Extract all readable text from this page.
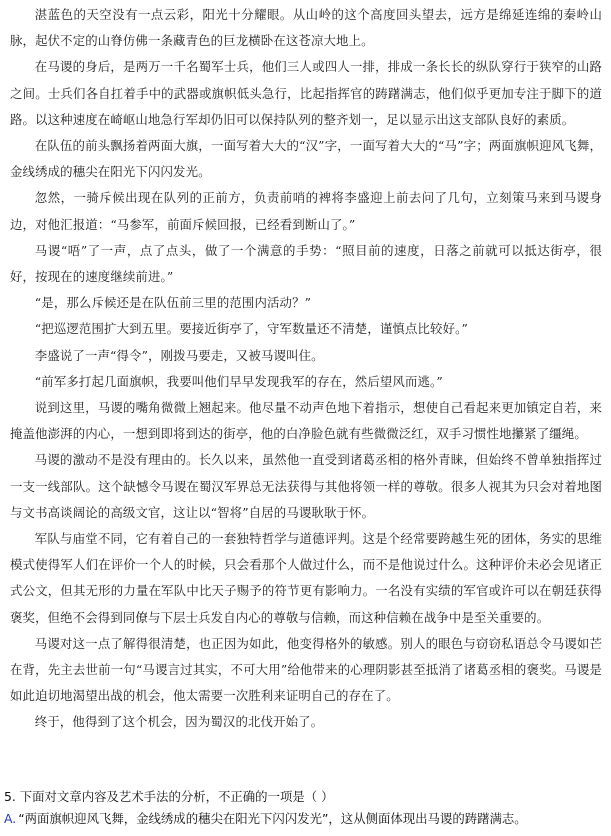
湛蓝色的天空没有一点云彩，阳光十分耀眼。从山岭的这个高度回头望去，远方是绵延连绵的秦岭山脉，起伏不定的山脊仿佛一条藏青色的巨龙横卧在这苍凉大地上。

在马谡的身后，是两万一千名蜀军士兵，他们三人或四人一排，排成一条长长的纵队穿行于狭窄的山路之间。士兵们各自扛着手中的武器或旗帜低头急行，比起指挥官的踌躇满志，他们似乎更加专注于脚下的道路。以这种速度在崎岖山地急行军却仍旧可以保持队列的整齐划一，足以显示出这支部队良好的素质。

在队伍的前头飘扬着两面大旗，一面写着大大的“汉”字，一面写着大大的“马”字；两面旗帜迎风飞舞，金线绣成的穗尖在阳光下闪闪发光。

忽然，一骑斥候出现在队列的正前方，负责前哨的裨将李盛迎上前去问了几句，立刻策马来到马谡身边，对他汇报道：“马参军，前面斥候回报，已经看到断山了。”

马谡“唔”了一声，点了点头，做了一个满意的手势：“照目前的速度，日落之前就可以抵达街亭，很好，按现在的速度继续前进。”

“是，那么斥候还是在队伍前三里的范围内活动？”

“把巡逻范围扩大到五里。要接近街亭了，守军数量还不清楚，谨慎点比较好。”

李盛说了一声“得令”，刚拨马要走，又被马谡叫住。

“前军多打起几面旗帜，我要叫他们早早发现我军的存在，然后望风而逃。”

说到这里，马谡的嘴角微微上翘起来。他尽量不动声色地下着指示，想使自己看起来更加镇定自若，来掩盖他澎湃的内心，一想到即将到达的街亭，他的白净脸色就有些微微泛红，双手习惯性地攥紧了缰绳。

马谡的激动不是没有理由的。长久以来，虽然他一直受到诸葛丞相的格外青睐，但始终不曾单独指挥过一支一线部队。这个缺憾令马谡在蜀汉军界总无法获得与其他将领一样的尊敬。很多人视其为只会对着地图与文书高谈阔论的高级文官，这让以“智将”自居的马谡耿耿于怀。

军队与庙堂不同，它有着自己的一套独特哲学与道德评判。这是个经常要跨越生死的团体，务实的思维模式使得军人们在评价一个人的时候，只会看那个人做过什么，而不是他说过什么。这种评价未必会见诸正式公文，但其无形的力量在军队中比天子赐予的符节更有影响力。一名没有实绩的军官或许可以在朝廷获得褒奖，但绝不会得到同僚与下层士兵发自内心的尊敬与信赖，而这种信赖在战争中是至关重要的。

马谡对这一点了解得很清楚，也正因为如此，他变得格外的敏感。别人的眼色与窃窃私语总令马谡如芒在背，先主去世前一句“马谡言过其实，不可大用”给他带来的心理阴影甚至抵消了诸葛丞相的褒奖。马谡是如此迫切地渴望出战的机会，他太需要一次胜利来证明自己的存在了。

终于，他得到了这个机会，因为蜀汉的北伐开始了。

5. 下面对文章内容及艺术手法的分析，不正确的一项是（ ）

A. “两面旗帜迎风飞舞，金线绣成的穗尖在阳光下闪闪发光”，这从侧面体现出马谡的踌躇满志。
